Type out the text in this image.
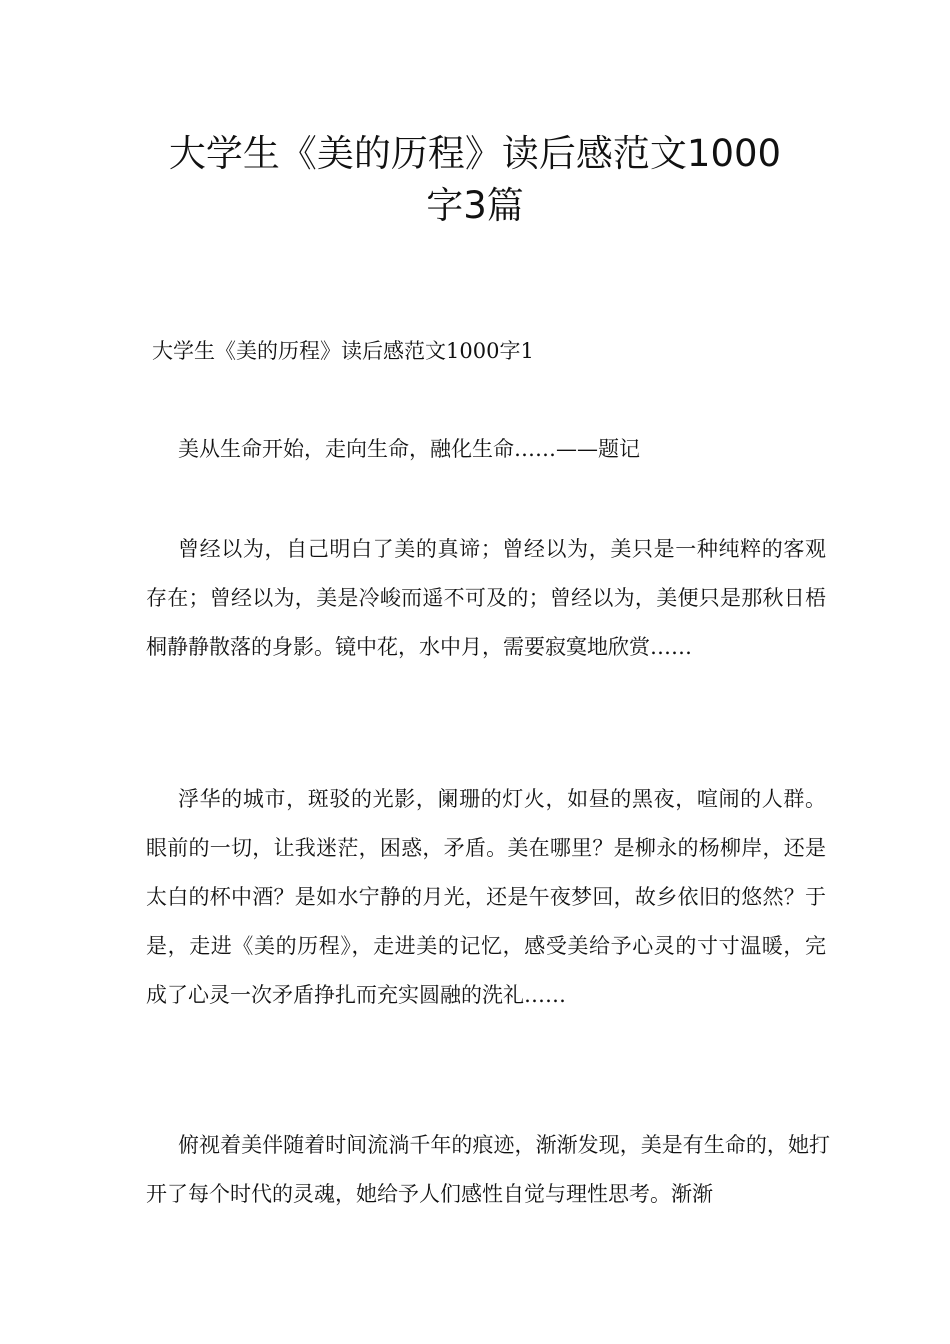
大学生《美的历程》读后感范文1000
字3篇

大学生《美的历程》读后感范文1000字1

美从生命开始，走向生命，融化生命……——题记

曾经以为，自己明白了美的真谛；曾经以为，美只是一种纯粹的客观存在；曾经以为，美是冷峻而遥不可及的；曾经以为，美便只是那秋日梧桐静静散落的身影。镜中花，水中月，需要寂寞地欣赏……

浮华的城市，斑驳的光影，阑珊的灯火，如昼的黑夜，喧闹的人群。眼前的一切，让我迷茫，困惑，矛盾。美在哪里？是柳永的杨柳岸，还是太白的杯中酒？是如水宁静的月光，还是午夜梦回，故乡依旧的悠然？于是，走进《美的历程》，走进美的记忆，感受美给予心灵的寸寸温暖，完成了心灵一次矛盾挣扎而充实圆融的洗礼……

俯视着美伴随着时间流淌千年的痕迹，渐渐发现，美是有生命的，她打开了每个时代的灵魂，她给予人们感性自觉与理性思考。渐渐
